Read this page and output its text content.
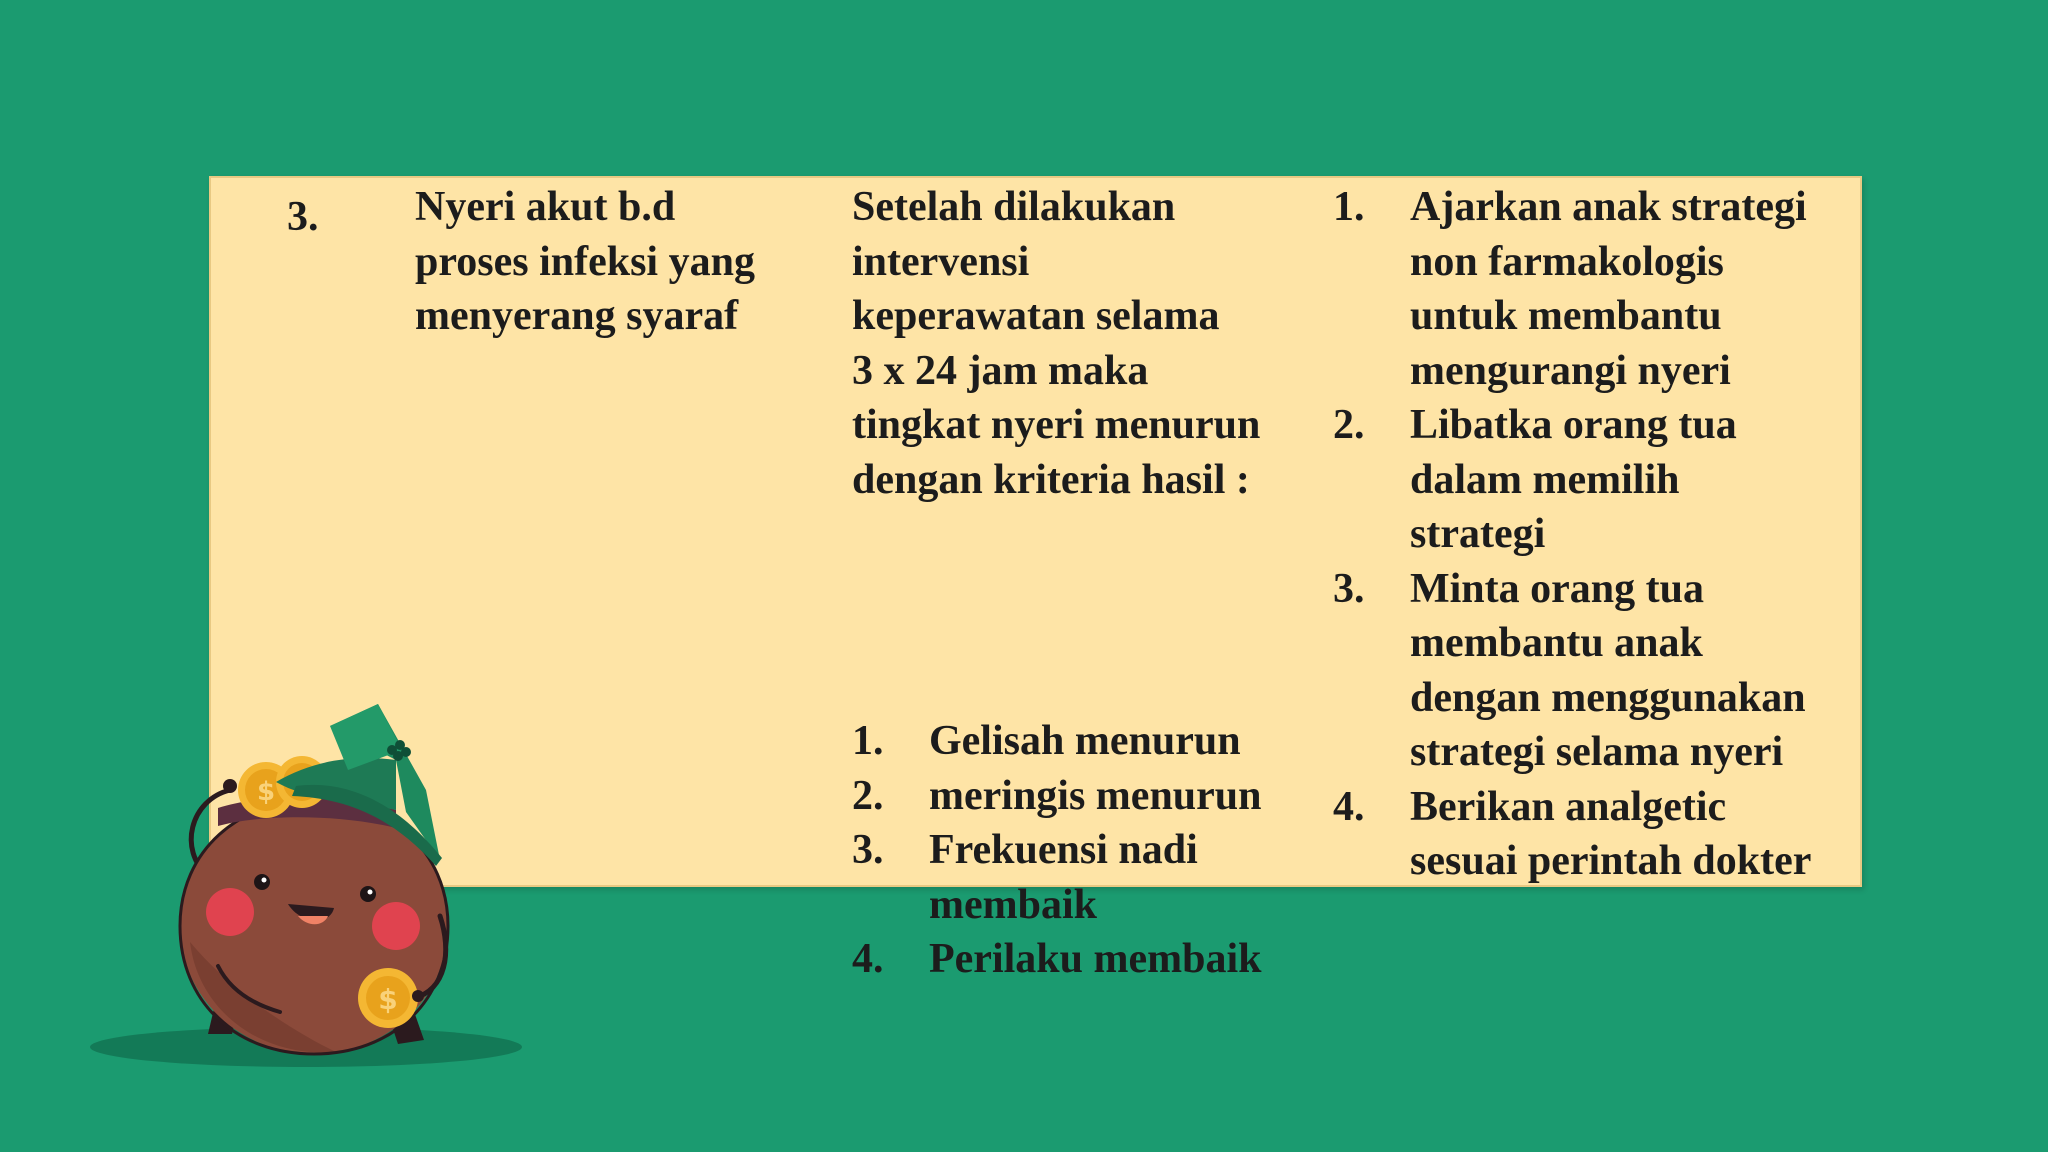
3. Nyeri akut b.d
proses infeksi yang
menyerang syaraf

Setelah dilakukan
intervensi
keperawatan selama
3 x 24 jam maka
tingkat nyeri menurun
dengan kriteria hasil :

1. Gelisah menurun
2. meringis menurun
3. Frekuensi nadi
membaik
4. Perilaku membaik
1. Ajarkan anak strategi
non farmakologis
untuk membantu
mengurangi nyeri
2. Libatka orang tua
dalam memilih
strategi
3. Minta orang tua
membantu anak
dengan menggunakan
strategi selama nyeri
4. Berikan analgetic
sesuai perintah dokter
$
$
